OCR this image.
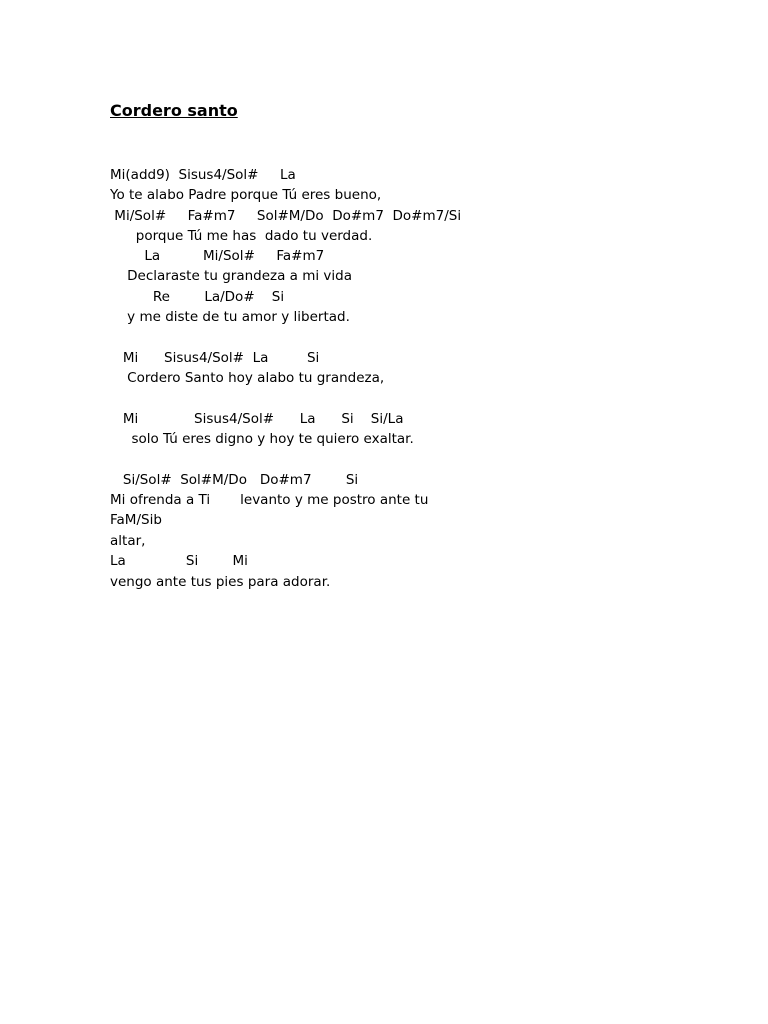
Cordero santo
Mi(add9)  Sisus4/Sol#     La
Yo te alabo Padre porque Tú eres bueno,
Mi/Sol#     Fa#m7     Sol#M/Do  Do#m7  Do#m7/Si
porque Tú me has  dado tu verdad.
La          Mi/Sol#     Fa#m7
Declaraste tu grandeza a mi vida
Re        La/Do#    Si
y me diste de tu amor y libertad.
Mi      Sisus4/Sol#  La         Si
Cordero Santo hoy alabo tu grandeza,
Mi             Sisus4/Sol#      La      Si    Si/La
solo Tú eres digno y hoy te quiero exaltar.
Si/Sol#  Sol#M/Do   Do#m7        Si
Mi ofrenda a Ti       levanto y me postro ante tu
FaM/Sib
altar,
La              Si        Mi
vengo ante tus pies para adorar.
